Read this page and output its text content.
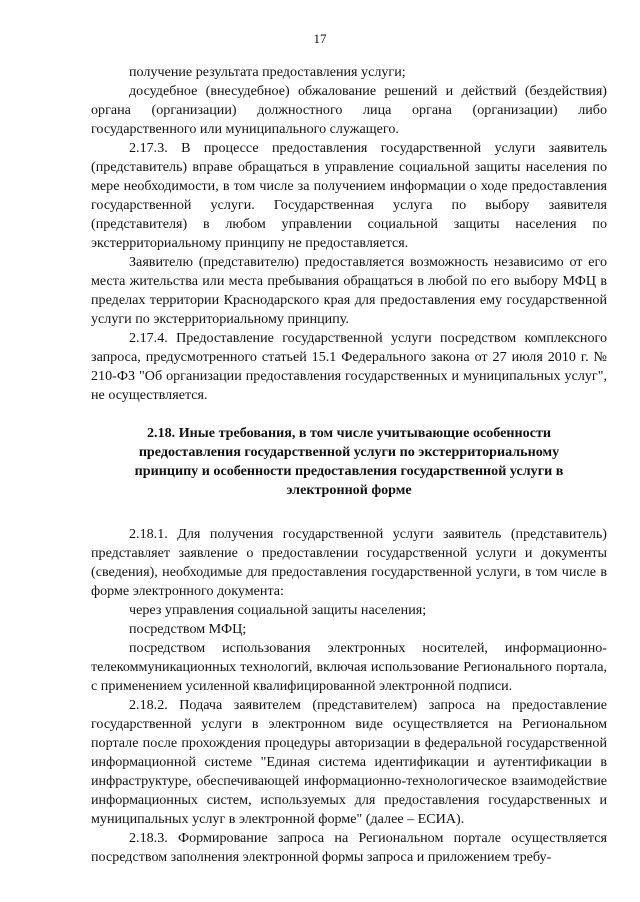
17

получение результата предоставления услуги;

досудебное (внесудебное) обжалование решений и действий (бездействия) органа (организации) должностного лица органа (организации) либо государственного или муниципального служащего.

2.17.3. В процессе предоставления государственной услуги заявитель (представитель) вправе обращаться в управление социальной защиты населения по мере необходимости, в том числе за получением информации о ходе предоставления государственной услуги. Государственная услуга по выбору заявителя (представителя) в любом управлении социальной защиты населения по экстерриториальному принципу не предоставляется.

Заявителю (представителю) предоставляется возможность независимо от его места жительства или места пребывания обращаться в любой по его выбору МФЦ в пределах территории Краснодарского края для предоставления ему государственной услуги по экстерриториальному принципу.

2.17.4. Предоставление государственной услуги посредством комплексного запроса, предусмотренного статьей 15.1 Федерального закона от 27 июля 2010 г. № 210-ФЗ "Об организации предоставления государственных и муниципальных услуг", не осуществляется.

2.18. Иные требования, в том числе учитывающие особенности предоставления государственной услуги по экстерриториальному принципу и особенности предоставления государственной услуги в электронной форме

2.18.1. Для получения государственной услуги заявитель (представитель) представляет заявление о предоставлении государственной услуги и документы (сведения), необходимые для предоставления государственной услуги, в том числе в форме электронного документа:

через управления социальной защиты населения;

посредством МФЦ;

посредством использования электронных носителей, информационно-телекоммуникационных технологий, включая использование Регионального портала, с применением усиленной квалифицированной электронной подписи.

2.18.2. Подача заявителем (представителем) запроса на предоставление государственной услуги в электронном виде осуществляется на Региональном портале после прохождения процедуры авторизации в федеральной государственной информационной системе "Единая система идентификации и аутентификации в инфраструктуре, обеспечивающей информационно-технологическое взаимодействие информационных систем, используемых для предоставления государственных и муниципальных услуг в электронной форме" (далее – ЕСИА).

2.18.3. Формирование запроса на Региональном портале осуществляется посредством заполнения электронной формы запроса и приложением требу-
